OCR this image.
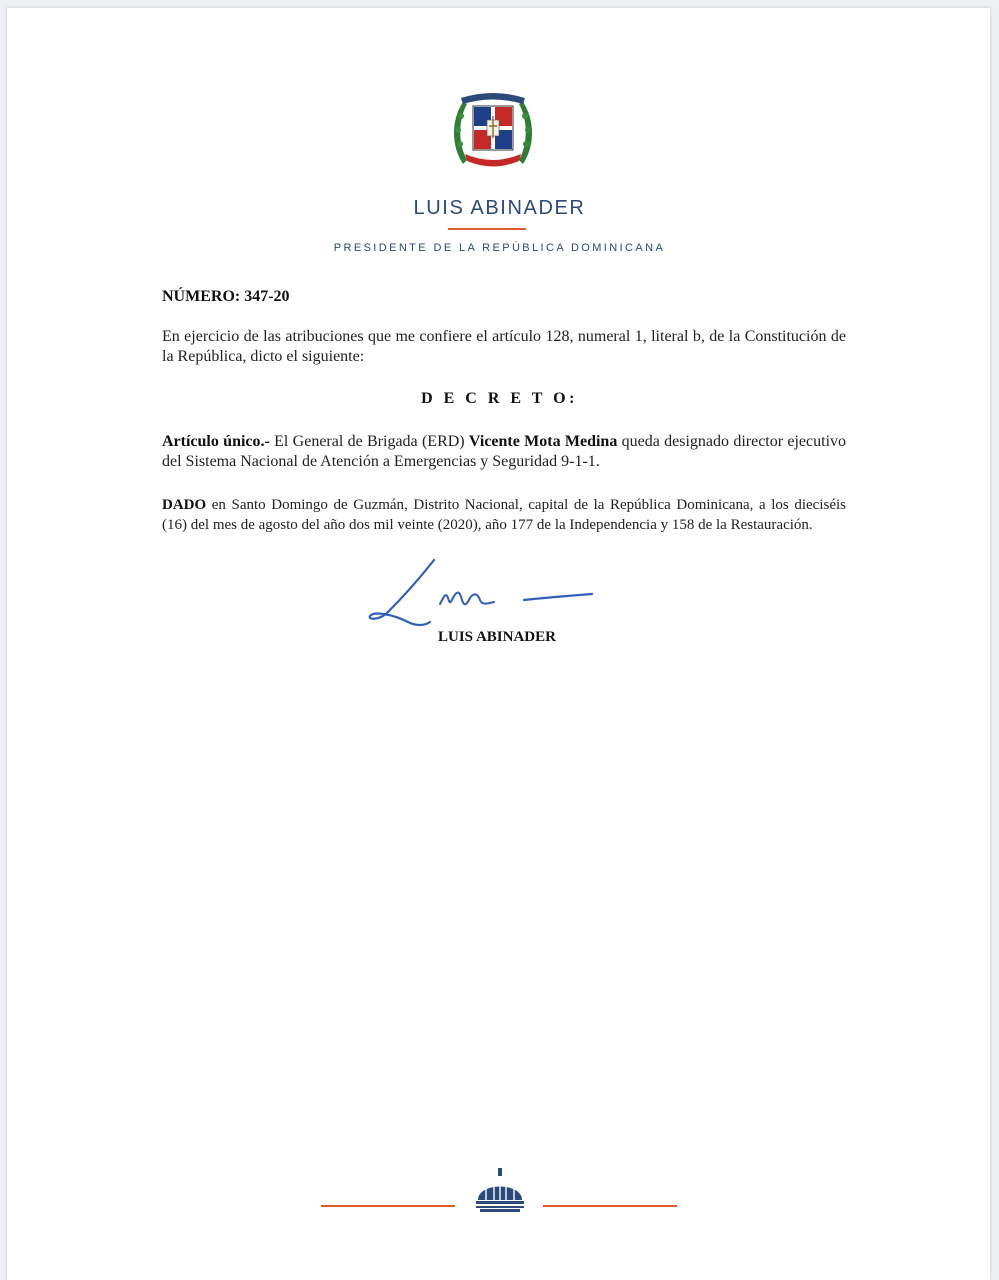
LUIS ABINADER
PRESIDENTE DE LA REPÚBLICA DOMINICANA
NÚMERO: 347-20
En ejercicio de las atribuciones que me confiere el artículo 128, numeral 1, literal b, de la Constitución de la República, dicto el siguiente:
D E C R E T O:
Artículo único.- El General de Brigada (ERD) Vicente Mota Medina queda designado director ejecutivo del Sistema Nacional de Atención a Emergencias y Seguridad 9-1-1.
DADO en Santo Domingo de Guzmán, Distrito Nacional, capital de la República Dominicana, a los dieciséis (16) del mes de agosto del año dos mil veinte (2020), año 177 de la Independencia y 158 de la Restauración.
LUIS ABINADER
